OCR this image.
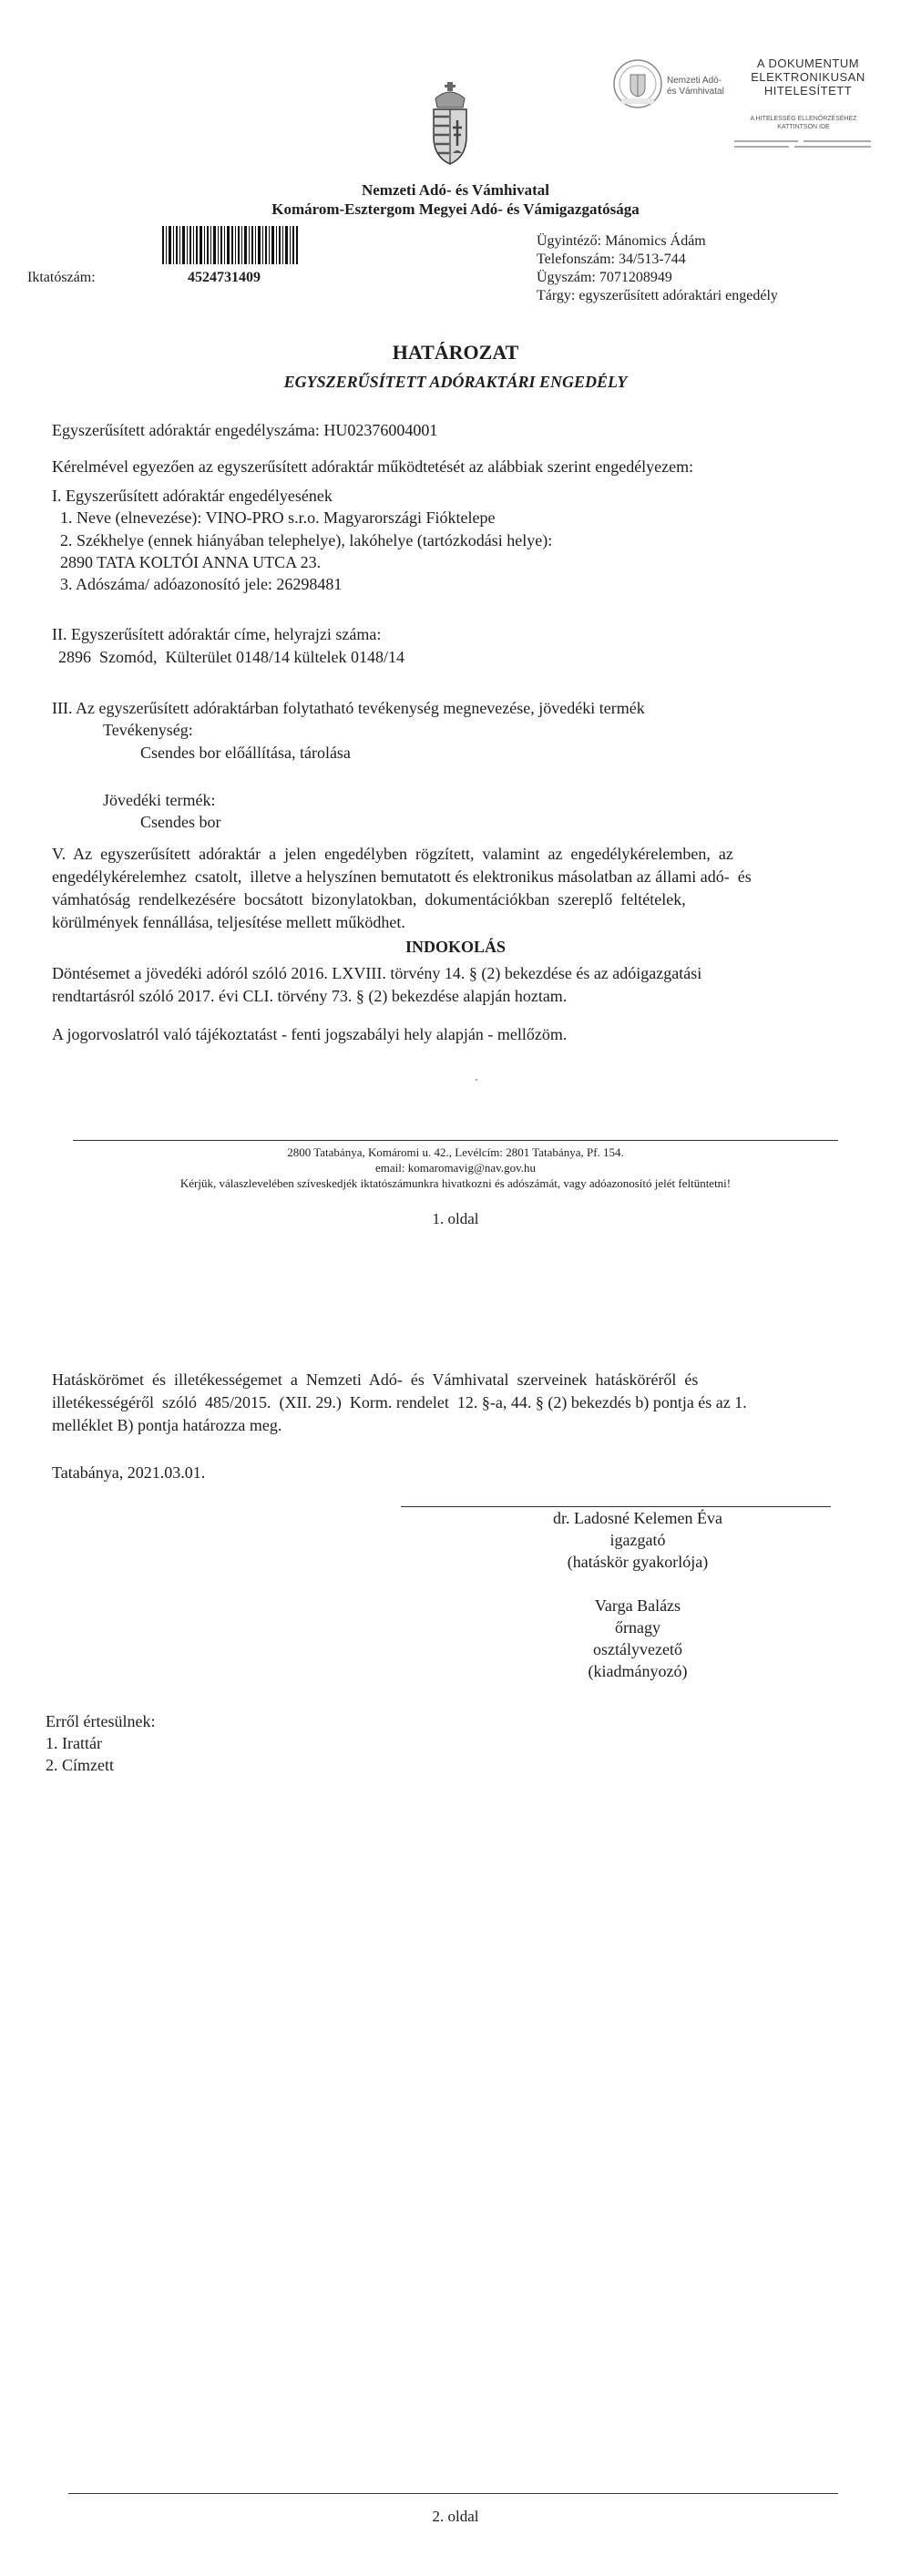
Nemzeti Adó-
és Vámhivatal
A DOKUMENTUM
ELEKTRONIKUSAN
HITELESÍTETT
A HITELESSÉG ELLENŐRZÉSÉHEZ
KATTINTSON IDE
Nemzeti Adó- és Vámhivatal
Komárom-Esztergom Megyei Adó- és Vámigazgatósága
Iktatószám:	4524731409
Ügyintéző: Mánomics Ádám
Telefonszám: 34/513-744
Ügyszám: 7071208949
Tárgy: egyszerűsített adóraktári engedély
HATÁROZAT
EGYSZERŰSÍTETT ADÓRAKTÁRI ENGEDÉLY
Egyszerűsített adóraktár engedélyszáma: HU02376004001
Kérelmével egyezően az egyszerűsített adóraktár működtetését az alábbiak szerint engedélyezem:
I. Egyszerűsített adóraktár engedélyesének
1. Neve (elnevezése): VINO-PRO s.r.o. Magyarországi Fióktelepe
2. Székhelye (ennek hiányában telephelye), lakóhelye (tartózkodási helye):
2890 TATA KOLTÓI ANNA UTCA 23.
3. Adószáma/ adóazonosító jele: 26298481
II. Egyszerűsített adóraktár címe, helyrajzi száma:
2896  Szomód,  Külterület 0148/14 kültelek 0148/14
III. Az egyszerűsített adóraktárban folytatható tevékenység megnevezése, jövedéki termék
Tevékenység:
Csendes bor előállítása, tárolása
Jövedéki termék:
Csendes bor
V.  Az  egyszerűsített  adóraktár  a  jelen  engedélyben  rögzített,  valamint  az  engedélykérelemben,  az
engedélykérelemhez  csatolt,  illetve a helyszínen bemutatott és elektronikus másolatban az állami adó-  és
vámhatóság  rendelkezésére  bocsátott  bizonylatokban,  dokumentációkban  szereplő  feltételek,
körülmények fennállása, teljesítése mellett működhet.
INDOKOLÁS
Döntésemet a jövedéki adóról szóló 2016. LXVIII. törvény 14. § (2) bekezdése és az adóigazgatási
rendtartásról szóló 2017. évi CLI. törvény 73. § (2) bekezdése alapján hoztam.
A jogorvoslatról való tájékoztatást - fenti jogszabályi hely alapján - mellőzöm.
2800 Tatabánya, Komáromi u. 42., Levélcím: 2801 Tatabánya, Pf. 154.
email: komaromavig@nav.gov.hu
Kérjük, válaszlevelében szíveskedjék iktatószámunkra hivatkozni és adószámát, vagy adóazonosító jelét feltüntetni!
1. oldal
Hatáskörömet  és  illetékességemet  a  Nemzeti  Adó-  és  Vámhivatal  szerveinek  hatásköréről  és
illetékességéről  szóló  485/2015.  (XII. 29.)  Korm. rendelet  12. §-a, 44. § (2) bekezdés b) pontja és az 1.
melléklet B) pontja határozza meg.
Tatabánya, 2021.03.01.
dr. Ladosné Kelemen Éva
igazgató
(hatáskör gyakorlója)
Varga Balázs
őrnagy
osztályvezető
(kiadmányozó)
Erről értesülnek:
1. Irattár
2. Címzett
2. oldal
